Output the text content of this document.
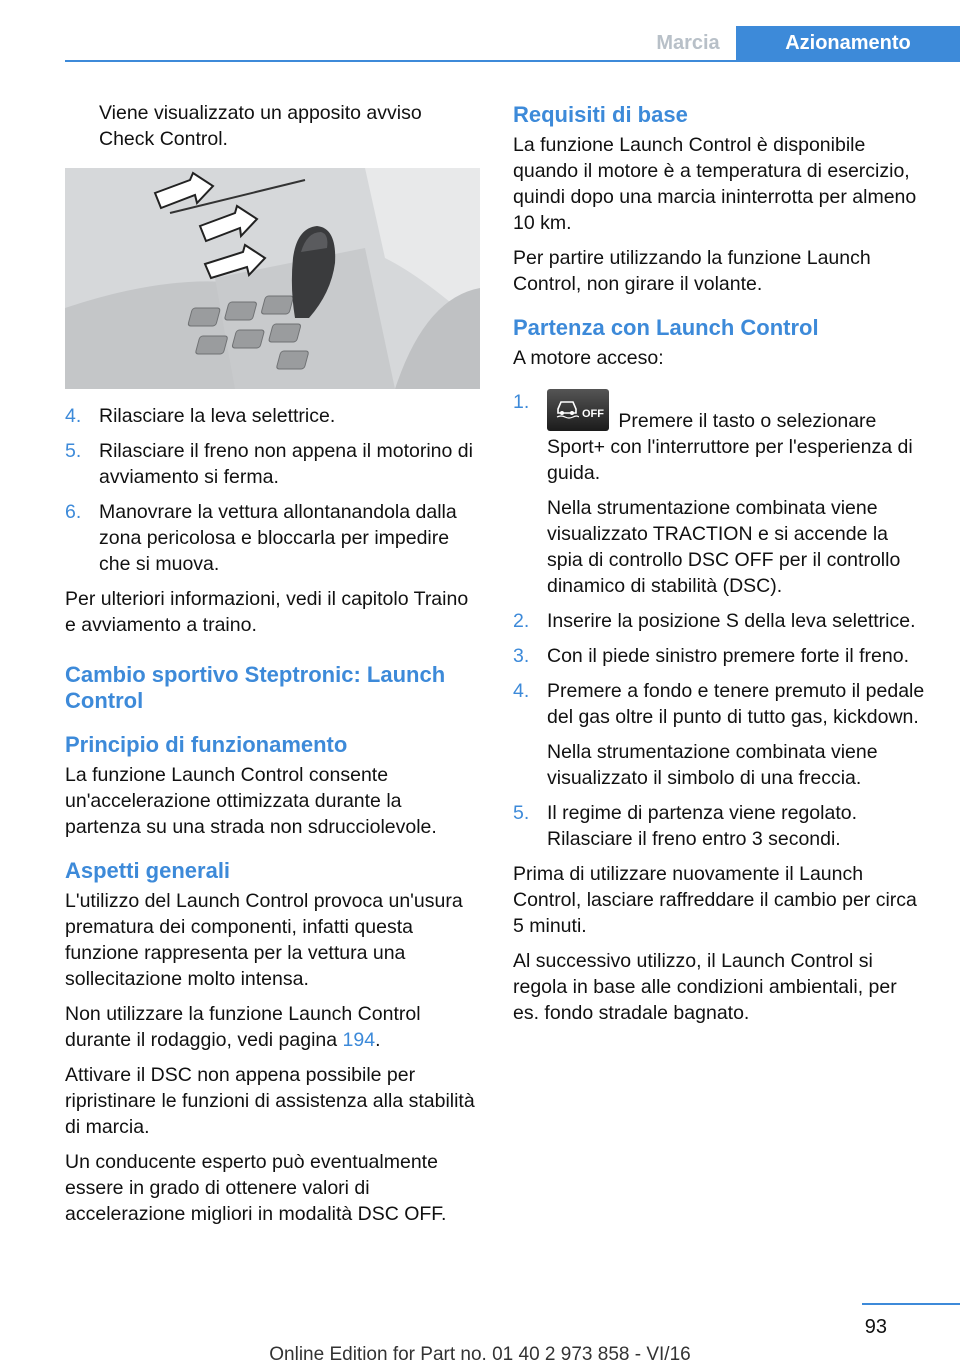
Marcia	Azionamento

Viene visualizzato un apposito avviso Check Control.

4. Rilasciare la leva selettrice.
5. Rilasciare il freno non appena il motorino di avviamento si ferma.
6. Manovrare la vettura allontanandola dalla zona pericolosa e bloccarla per impedire che si muova.

Per ulteriori informazioni, vedi il capitolo Traino e avviamento a traino.

Cambio sportivo Steptronic: Launch Control
Principio di funzionamento

La funzione Launch Control consente un'accelerazione ottimizzata durante la partenza su una strada non sdrucciolevole.

Aspetti generali

L'utilizzo del Launch Control provoca un'usura prematura dei componenti, infatti questa funzione rappresenta per la vettura una sollecitazione molto intensa.

Non utilizzare la funzione Launch Control durante il rodaggio, vedi pagina 194.

Attivare il DSC non appena possibile per ripristinare le funzioni di assistenza alla stabilità di marcia.

Un conducente esperto può eventualmente essere in grado di ottenere valori di accelerazione migliori in modalità DSC OFF.

Requisiti di base

La funzione Launch Control è disponibile quando il motore è a temperatura di esercizio, quindi dopo una marcia ininterrotta per almeno 10 km.

Per partire utilizzando la funzione Launch Control, non girare il volante.

Partenza con Launch Control

A motore acceso:

1.
OFF Premere il tasto o selezionare Sport+ con l'interruttore per l'esperienza di guida.

Nella strumentazione combinata viene visualizzato TRACTION e si accende la spia di controllo DSC OFF per il controllo dinamico di stabilità (DSC).

2. Inserire la posizione S della leva selettrice.
3. Con il piede sinistro premere forte il freno.
4. Premere a fondo e tenere premuto il pedale del gas oltre il punto di tutto gas, kickdown.

Nella strumentazione combinata viene visualizzato il simbolo di una freccia.

5. Il regime di partenza viene regolato. Rilasciare il freno entro 3 secondi.

Prima di utilizzare nuovamente il Launch Control, lasciare raffreddare il cambio per circa 5 minuti.

Al successivo utilizzo, il Launch Control si regola in base alle condizioni ambientali, per es. fondo stradale bagnato.

93
Online Edition for Part no. 01 40 2 973 858 - VI/16
